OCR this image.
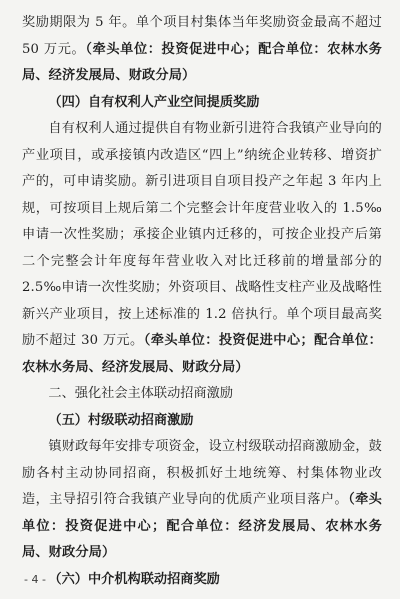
奖励期限为 5 年。单个项目村集体当年奖励资金最高不超过 50 万元。（牵头单位：投资促进中心；配合单位：农林水务局、经济发展局、财政分局）

（四）自有权利人产业空间提质奖励

自有权利人通过提供自有物业新引进符合我镇产业导向的产业项目，或承接镇内改造区“四上”纳统企业转移、增资扩产的，可申请奖励。新引进项目自项目投产之年起 3 年内上规，可按项目上规后第二个完整会计年度营业收入的 1.5‰申请一次性奖励；承接企业镇内迁移的，可按企业投产后第二个完整会计年度每年营业收入对比迁移前的增量部分的 2.5‰申请一次性奖励；外资项目、战略性支柱产业及战略性新兴产业项目，按上述标准的 1.2 倍执行。单个项目最高奖励不超过 30 万元。（牵头单位：投资促进中心；配合单位：农林水务局、经济发展局、财政分局）

二、强化社会主体联动招商激励

（五）村级联动招商激励

镇财政每年安排专项资金，设立村级联动招商激励金，鼓励各村主动协同招商，积极抓好土地统筹、村集体物业改造，主导招引符合我镇产业导向的优质产业项目落户。（牵头单位：投资促进中心；配合单位：经济发展局、农林水务局、财政分局）

（六）中介机构联动招商奖励

- 4 -
